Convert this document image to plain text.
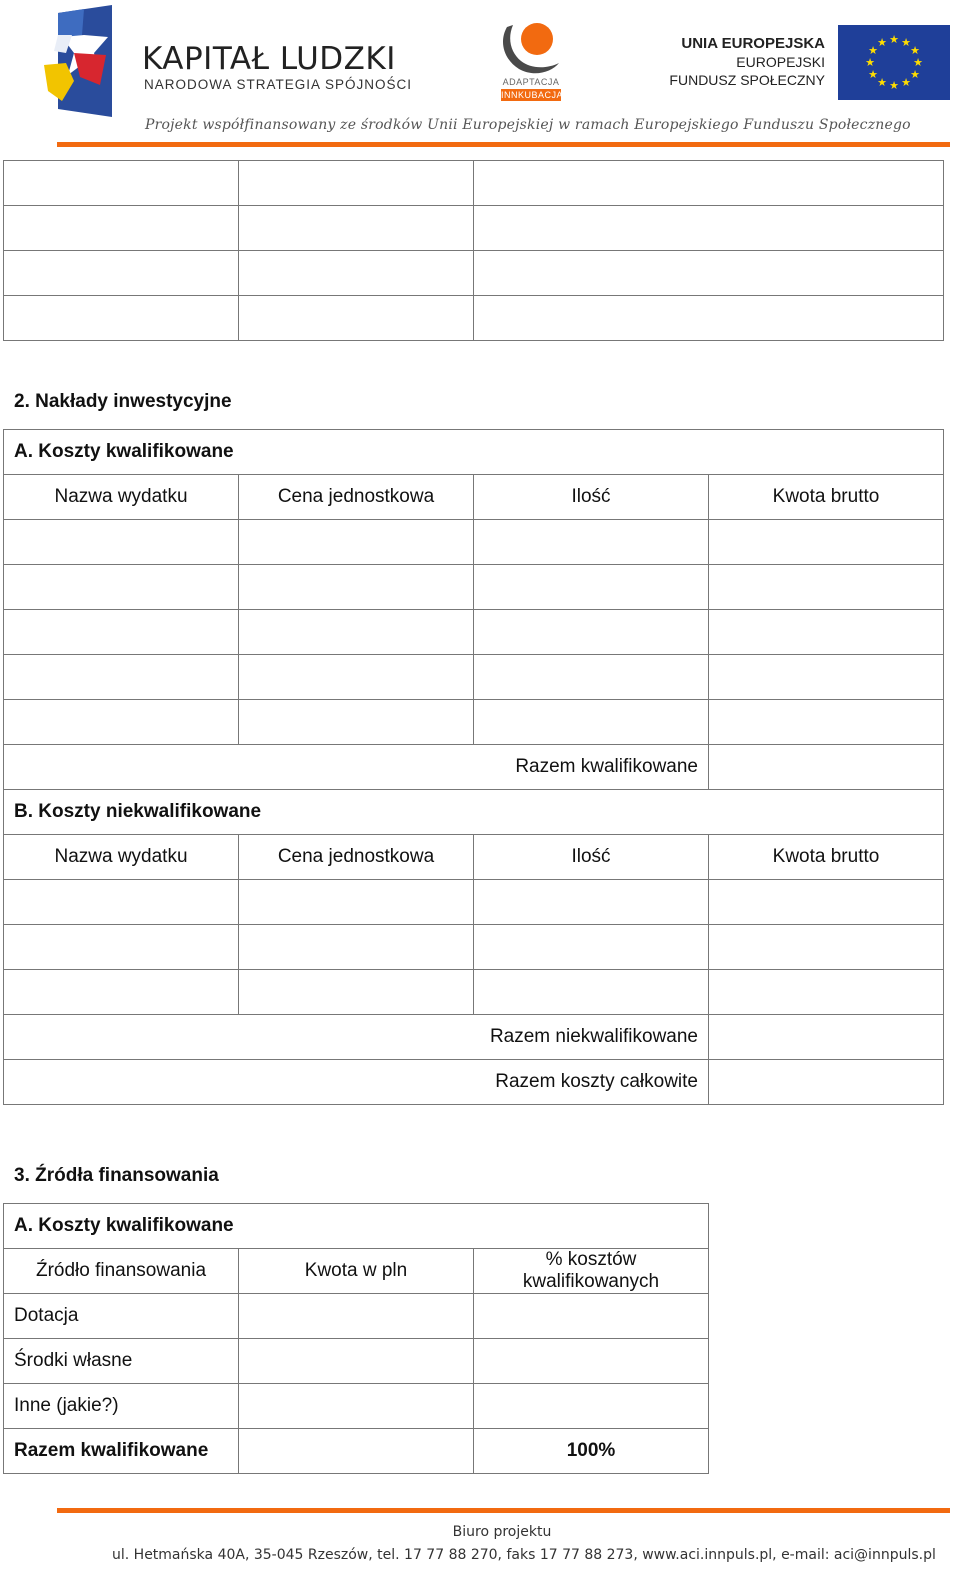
KAPITAŁ LUDZKI
NARODOWA STRATEGIA SPÓJNOŚCI	ADAPTACJA
INNKUBACJA
UNIA EUROPEJSKA
EUROPEJSKI
FUNDUSZ SPOŁECZNY
★ ★
★
★
★
★
★
★
★
★
★
★
Projekt współfinansowany ze środków Unii Europejskiej w ramach Europejskiego Funduszu Społecznego

2. Nakłady inwestycyjne
A. Koszty kwalifikowane			
Nazwa wydatku	Cena jednostkowa	Ilość	Kwota brutto

Razem kwalifikowane			
B. Koszty niekwalifikowane			
Nazwa wydatku	Cena jednostkowa	Ilość	Kwota brutto

Razem niekwalifikowane			
Razem koszty całkowite			
3. Źródła finansowania
A. Koszty kwalifikowane		
Źródło finansowania	Kwota w pln	% kosztów kwalifikowanych
Dotacja		
Środki własne		
Inne (jakie?)		
Razem kwalifikowane		100%
Biuro projektu
ul. Hetmańska 40A, 35-045 Rzeszów, tel. 17 77 88 270, faks 17 77 88 273, www.aci.innpuls.pl, e-mail: aci@innpuls.pl
